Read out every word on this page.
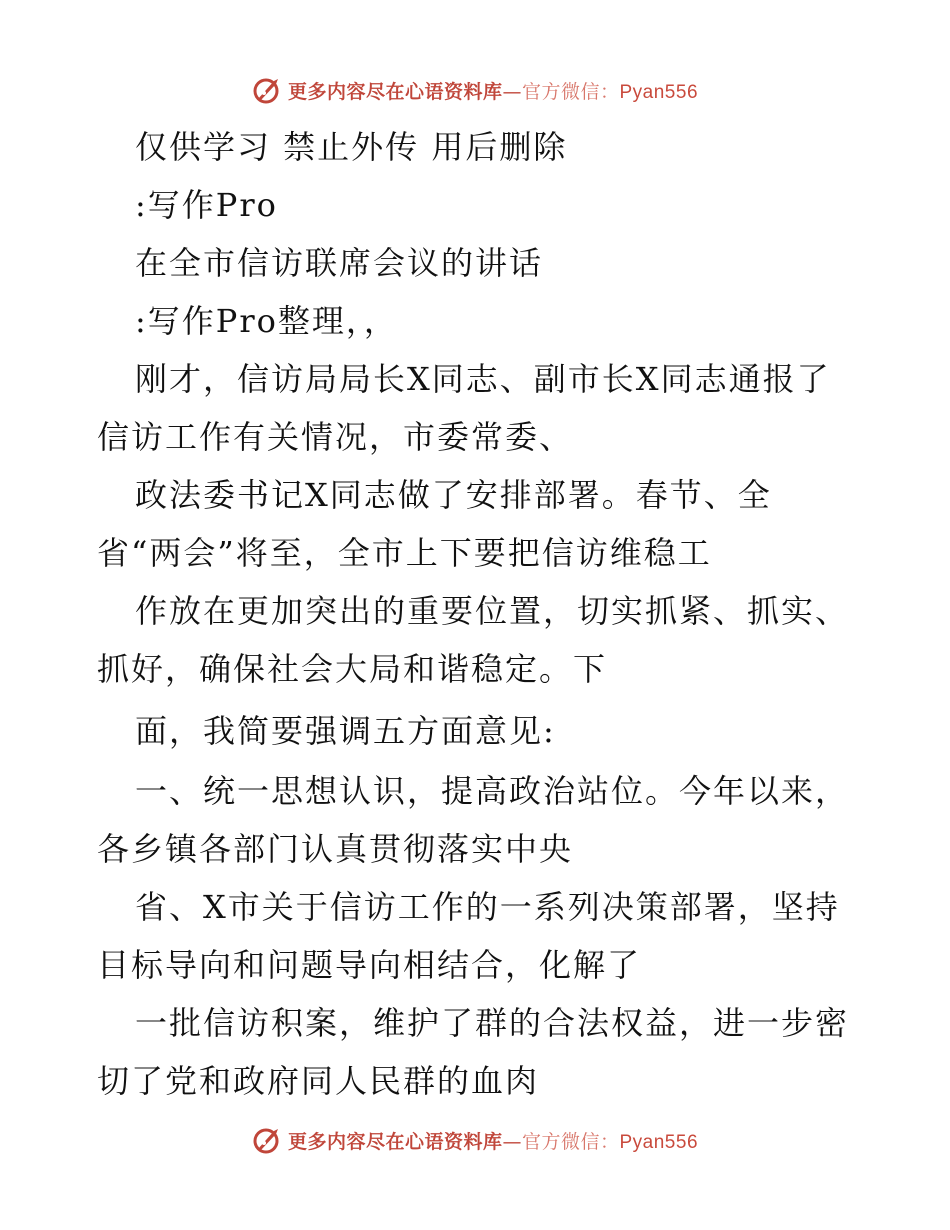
更多内容尽在心语资料库—官方微信：Pyan556
仅供学习 禁止外传 用后删除
:写作Pro
在全市信访联席会议的讲话
:写作Pro整理，，
刚才，信访局局长X同志、副市长X同志通报了
信访工作有关情况，市委常委、
政法委书记X同志做了安排部署。春节、全
省“两会”将至，全市上下要把信访维稳工
作放在更加突出的重要位置，切实抓紧、抓实、
抓好，确保社会大局和谐稳定。下
面，我简要强调五方面意见:
一、统一思想认识，提高政治站位。今年以来，
各乡镇各部门认真贯彻落实中央
省、X市关于信访工作的一系列决策部署，坚持
目标导向和问题导向相结合，化解了
一批信访积案，维护了群的合法权益，进一步密
切了党和政府同人民群的血肉
更多内容尽在心语资料库—官方微信：Pyan556
